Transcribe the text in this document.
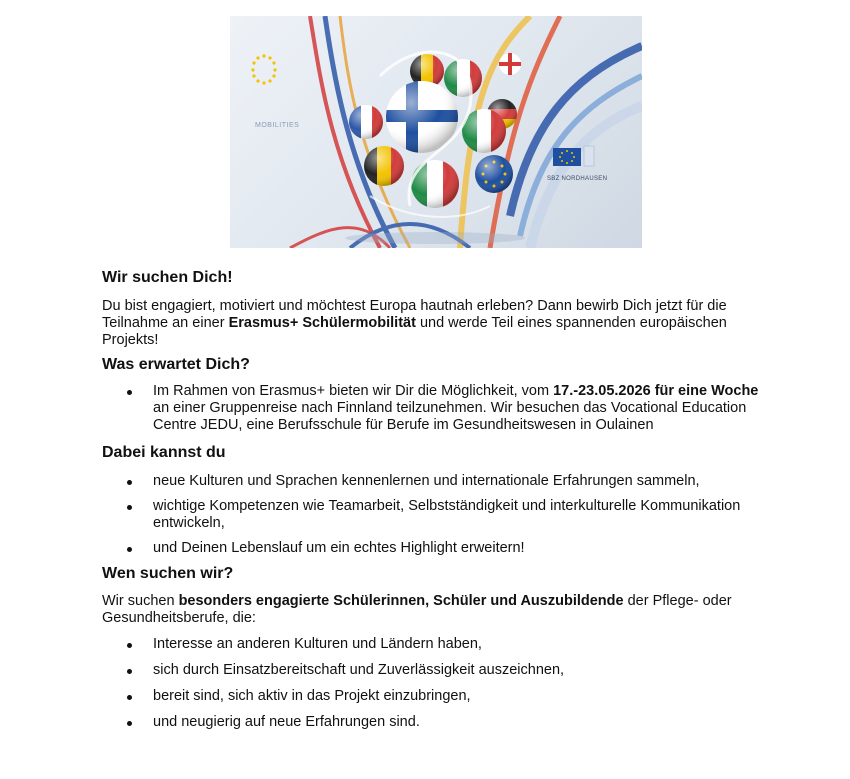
MOBILITIES
SBZ NORDHAUSEN
Wir suchen Dich!

Du bist engagiert, motiviert und möchtest Europa hautnah erleben? Dann bewirb Dich jetzt für die Teilnahme an einer Erasmus+ Schülermobilität und werde Teil eines spannenden europäischen Projekts!

Was erwartet Dich?
Im Rahmen von Erasmus+ bieten wir Dir die Möglichkeit, vom 17.-23.05.2026 für eine Woche an einer Gruppenreise nach Finnland teilzunehmen. Wir besuchen das Vocational Education Centre JEDU, eine Berufsschule für Berufe im Gesundheitswesen in Oulainen
Dabei kannst du
neue Kulturen und Sprachen kennenlernen und internationale Erfahrungen sammeln,
wichtige Kompetenzen wie Teamarbeit, Selbstständigkeit und interkulturelle Kommunikation entwickeln,
und Deinen Lebenslauf um ein echtes Highlight erweitern!
Wen suchen wir?

Wir suchen besonders engagierte Schülerinnen, Schüler und Auszubildende der Pflege- oder Gesundheitsberufe, die:

Interesse an anderen Kulturen und Ländern haben,
sich durch Einsatzbereitschaft und Zuverlässigkeit auszeichnen,
bereit sind, sich aktiv in das Projekt einzubringen,
und neugierig auf neue Erfahrungen sind.
